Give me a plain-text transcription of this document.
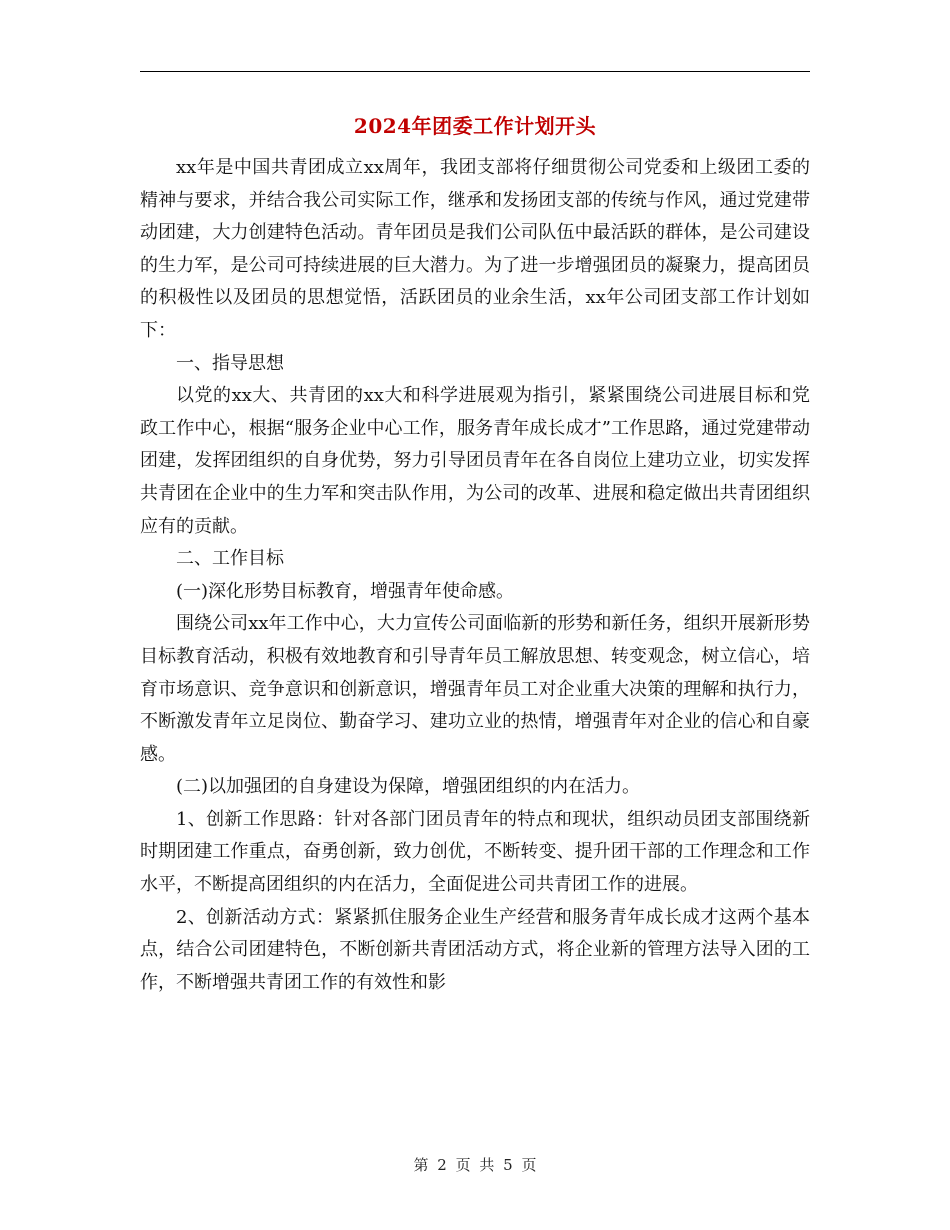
2024年团委工作计划开头

xx年是中国共青团成立xx周年，我团支部将仔细贯彻公司党委和上级团工委的精神与要求，并结合我公司实际工作，继承和发扬团支部的传统与作风，通过党建带动团建，大力创建特色活动。青年团员是我们公司队伍中最活跃的群体，是公司建设的生力军，是公司可持续进展的巨大潜力。为了进一步增强团员的凝聚力，提高团员的积极性以及团员的思想觉悟，活跃团员的业余生活，xx年公司团支部工作计划如下：

一、指导思想

以党的xx大、共青团的xx大和科学进展观为指引，紧紧围绕公司进展目标和党政工作中心，根据“服务企业中心工作，服务青年成长成才”工作思路，通过党建带动团建，发挥团组织的自身优势，努力引导团员青年在各自岗位上建功立业，切实发挥共青团在企业中的生力军和突击队作用，为公司的改革、进展和稳定做出共青团组织应有的贡献。

二、工作目标

(一)深化形势目标教育，增强青年使命感。

围绕公司xx年工作中心，大力宣传公司面临新的形势和新任务，组织开展新形势目标教育活动，积极有效地教育和引导青年员工解放思想、转变观念，树立信心，培育市场意识、竞争意识和创新意识，增强青年员工对企业重大决策的理解和执行力，不断激发青年立足岗位、勤奋学习、建功立业的热情，增强青年对企业的信心和自豪感。

(二)以加强团的自身建设为保障，增强团组织的内在活力。

1、创新工作思路：针对各部门团员青年的特点和现状，组织动员团支部围绕新时期团建工作重点，奋勇创新，致力创优，不断转变、提升团干部的工作理念和工作水平，不断提高团组织的内在活力，全面促进公司共青团工作的进展。

2、创新活动方式：紧紧抓住服务企业生产经营和服务青年成长成才这两个基本点，结合公司团建特色，不断创新共青团活动方式，将企业新的管理方法导入团的工作，不断增强共青团工作的有效性和影

第 2 页 共 5 页
